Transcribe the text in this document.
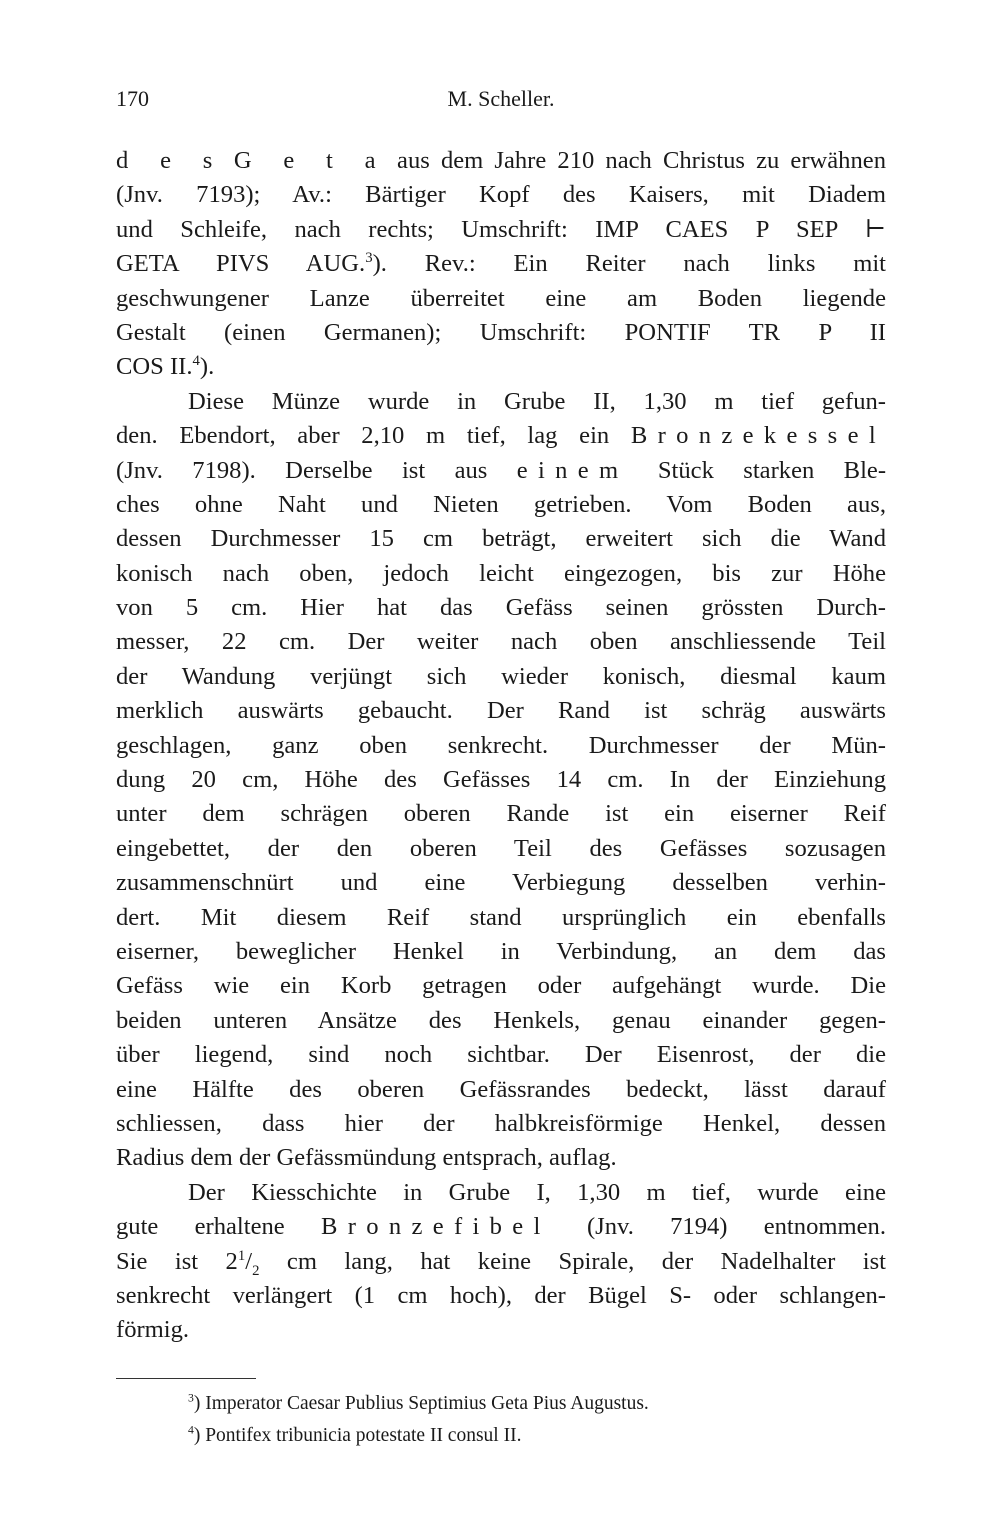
170	M. Scheller.
d e s G e t a aus dem Jahre 210 nach Christus zu erwähnen
(Jnv. 7193); Av.: Bärtiger Kopf des Kaisers, mit Diadem
und Schleife, nach rechts; Umschrift: IMP CAES P SEP ⊢
GETA PIVS AUG.$^3$). Rev.: Ein Reiter nach links mit
geschwungener Lanze überreitet eine am Boden liegende
Gestalt (einen Germanen); Umschrift: PONTIF TR P II
COS II.$^4$).
Diese Münze wurde in Grube II, 1,30 m tief gefun-
den. Ebendort, aber 2,10 m tief, lag ein Bronzekessel
(Jnv. 7198). Derselbe ist aus einem Stück starken Ble-
ches ohne Naht und Nieten getrieben. Vom Boden aus,
dessen Durchmesser 15 cm beträgt, erweitert sich die Wand
konisch nach oben, jedoch leicht eingezogen, bis zur Höhe
von 5 cm. Hier hat das Gefäss seinen grössten Durch-
messer, 22 cm. Der weiter nach oben anschliessende Teil
der Wandung verjüngt sich wieder konisch, diesmal kaum
merklich auswärts gebaucht. Der Rand ist schräg auswärts
geschlagen, ganz oben senkrecht. Durchmesser der Mün-
dung 20 cm, Höhe des Gefässes 14 cm. In der Einziehung
unter dem schrägen oberen Rande ist ein eiserner Reif
eingebettet, der den oberen Teil des Gefässes sozusagen
zusammenschnürt und eine Verbiegung desselben verhin-
dert. Mit diesem Reif stand ursprünglich ein ebenfalls
eiserner, beweglicher Henkel in Verbindung, an dem das
Gefäss wie ein Korb getragen oder aufgehängt wurde. Die
beiden unteren Ansätze des Henkels, genau einander gegen-
über liegend, sind noch sichtbar. Der Eisenrost, der die
eine Hälfte des oberen Gefässrandes bedeckt, lässt darauf
schliessen, dass hier der halbkreisförmige Henkel, dessen
Radius dem der Gefässmündung entsprach, auflag.
Der Kiesschichte in Grube I, 1,30 m tief, wurde eine
gute erhaltene Bronzefibel (Jnv. 7194) entnommen.
Sie ist $2^1/_2$ cm lang, hat keine Spirale, der Nadelhalter ist
senkrecht verlängert (1 cm hoch), der Bügel S- oder schlangen-
förmig.
$^3$) Imperator Caesar Publius Septimius Geta Pius Augustus.
$^4$) Pontifex tribunicia potestate II consul II.
